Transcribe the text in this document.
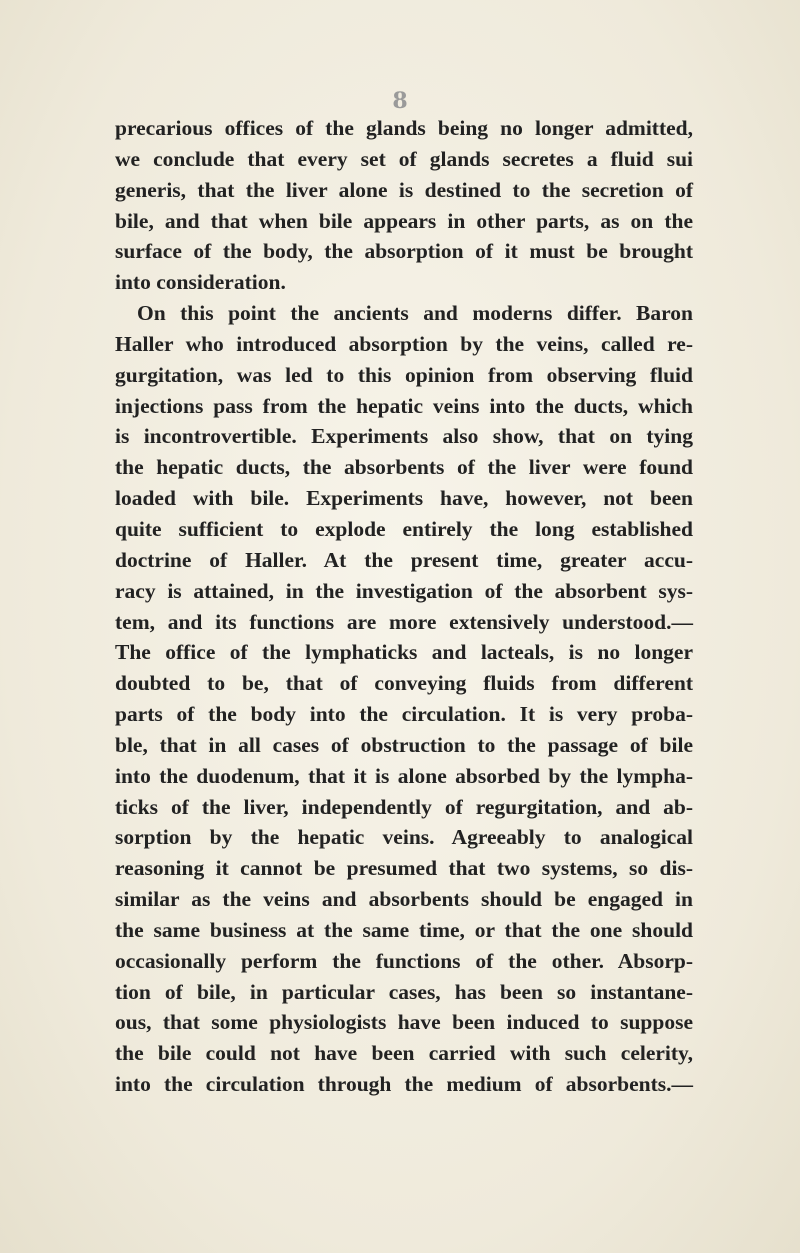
8
precarious offices of the glands being no longer admitted,
we conclude that every set of glands secretes a fluid sui
generis, that the liver alone is destined to the secretion of
bile, and that when bile appears in other parts, as on the
surface of the body, the absorption of it must be brought
into consideration.
On this point the ancients and moderns differ. Baron
Haller who introduced absorption by the veins, called re-
gurgitation, was led to this opinion from observing fluid
injections pass from the hepatic veins into the ducts, which
is incontrovertible. Experiments also show, that on tying
the hepatic ducts, the absorbents of the liver were found
loaded with bile. Experiments have, however, not been
quite sufficient to explode entirely the long established
doctrine of Haller. At the present time, greater accu-
racy is attained, in the investigation of the absorbent sys-
tem, and its functions are more extensively understood.—
The office of the lymphaticks and lacteals, is no longer
doubted to be, that of conveying fluids from different
parts of the body into the circulation. It is very proba-
ble, that in all cases of obstruction to the passage of bile
into the duodenum, that it is alone absorbed by the lympha-
ticks of the liver, independently of regurgitation, and ab-
sorption by the hepatic veins. Agreeably to analogical
reasoning it cannot be presumed that two systems, so dis-
similar as the veins and absorbents should be engaged in
the same business at the same time, or that the one should
occasionally perform the functions of the other. Absorp-
tion of bile, in particular cases, has been so instantane-
ous, that some physiologists have been induced to suppose
the bile could not have been carried with such celerity,
into the circulation through the medium of absorbents.—
